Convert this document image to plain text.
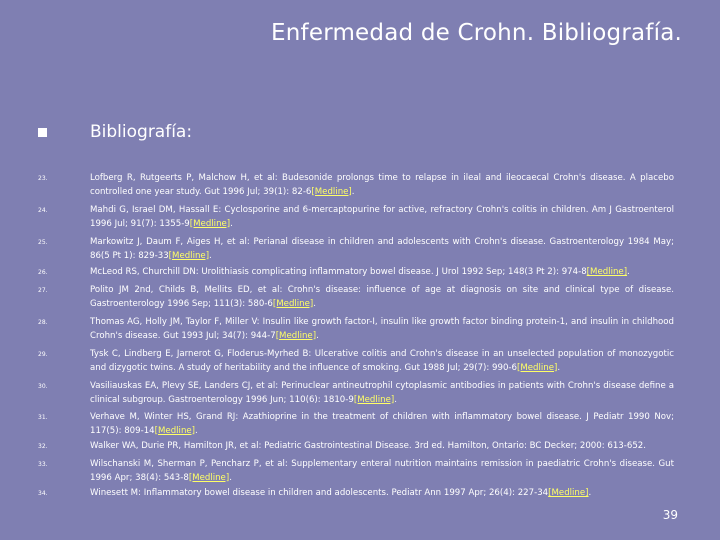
Enfermedad de Crohn. Bibliografía.
Bibliografía:
23.	Lofberg R, Rutgeerts P, Malchow H, et al: Budesonide prolongs time to relapse in ileal and ileocaecal Crohn's disease. A placebo controlled one year study. Gut 1996 Jul; 39(1): 82-6[Medline].
24.	Mahdi G, Israel DM, Hassall E: Cyclosporine and 6-mercaptopurine for active, refractory Crohn's colitis in children. Am J Gastroenterol 1996 Jul; 91(7): 1355-9[Medline].
25.	Markowitz J, Daum F, Aiges H, et al: Perianal disease in children and adolescents with Crohn's disease. Gastroenterology 1984 May; 86(5 Pt 1): 829-33[Medline].
26.	McLeod RS, Churchill DN: Urolithiasis complicating inflammatory bowel disease. J Urol 1992 Sep; 148(3 Pt 2): 974-8[Medline].
27.	Polito JM 2nd, Childs B, Mellits ED, et al: Crohn's disease: influence of age at diagnosis on site and clinical type of disease. Gastroenterology 1996 Sep; 111(3): 580-6[Medline].
28.	Thomas AG, Holly JM, Taylor F, Miller V: Insulin like growth factor-I, insulin like growth factor binding protein-1, and insulin in childhood Crohn's disease. Gut 1993 Jul; 34(7): 944-7[Medline].
29.	Tysk C, Lindberg E, Jarnerot G, Floderus-Myrhed B: Ulcerative colitis and Crohn's disease in an unselected population of monozygotic and dizygotic twins. A study of heritability and the influence of smoking. Gut 1988 Jul; 29(7): 990-6[Medline].
30.	Vasiliauskas EA, Plevy SE, Landers CJ, et al: Perinuclear antineutrophil cytoplasmic antibodies in patients with Crohn's disease define a clinical subgroup. Gastroenterology 1996 Jun; 110(6): 1810-9[Medline].
31.	Verhave M, Winter HS, Grand RJ: Azathioprine in the treatment of children with inflammatory bowel disease. J Pediatr 1990 Nov; 117(5): 809-14[Medline].
32.	Walker WA, Durie PR, Hamilton JR, et al: Pediatric Gastrointestinal Disease. 3rd ed. Hamilton, Ontario: BC Decker; 2000: 613-652.
33.	Wilschanski M, Sherman P, Pencharz P, et al: Supplementary enteral nutrition maintains remission in paediatric Crohn's disease. Gut 1996 Apr; 38(4): 543-8[Medline].
34.	Winesett M: Inflammatory bowel disease in children and adolescents. Pediatr Ann 1997 Apr; 26(4): 227-34[Medline].
39
